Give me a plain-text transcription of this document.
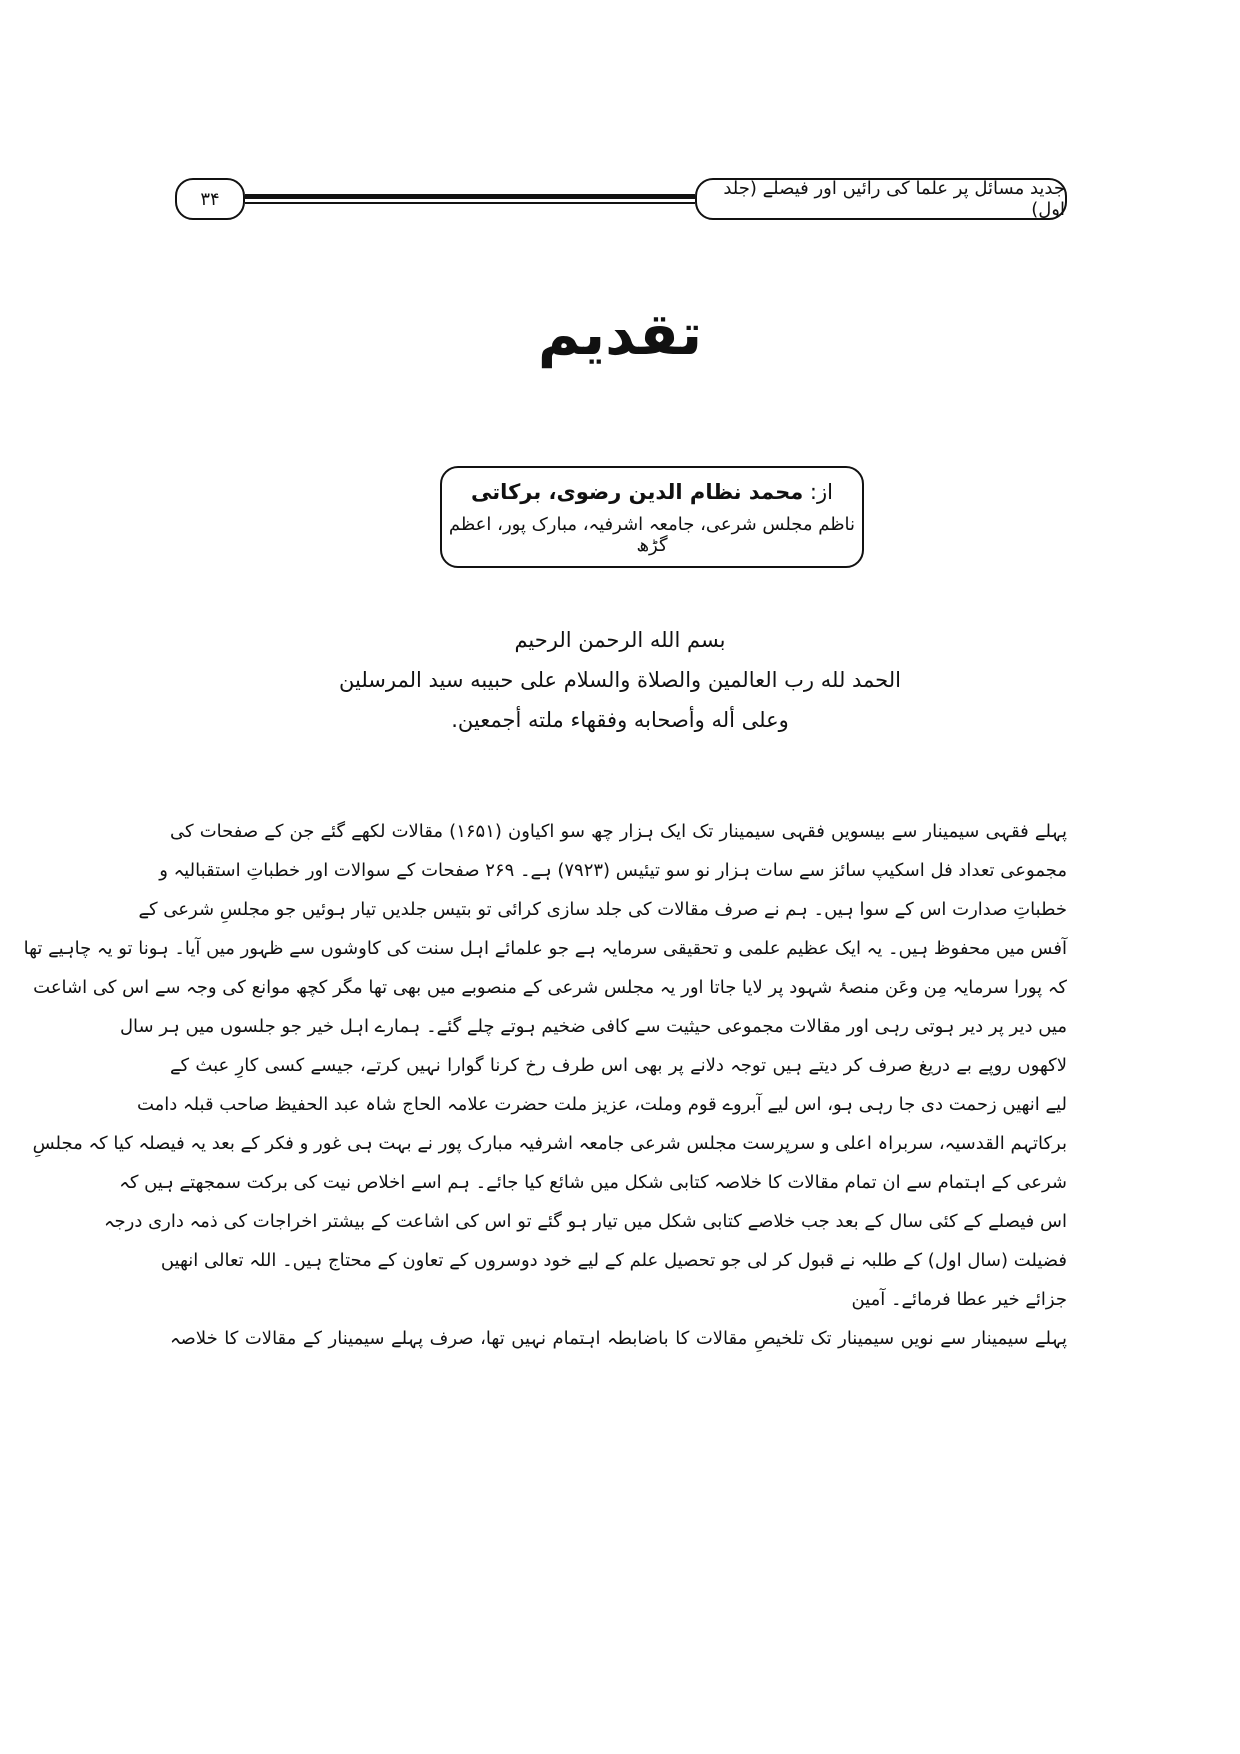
۳۴	جدید مسائل پر علما کی رائیں اور فیصلے (جلد اول)
تقدیم
از: محمد نظام الدین رضوی، برکاتی
ناظم مجلس شرعی، جامعہ اشرفیہ، مبارک پور، اعظم گڑھ
بسم الله الرحمن الرحيم
الحمد لله رب العالمين والصلاة والسلام على حبيبه سيد المرسلين
وعلى أله وأصحابه وفقهاء ملته أجمعين.
پہلے فقہی سیمینار سے بیسویں فقہی سیمینار تک ایک ہزار چھ سو اکیاون (۱۶۵۱) مقالات لکھے گئے جن کے صفحات کی
مجموعی تعداد فل اسکیپ سائز سے سات ہزار نو سو تیئیس (۷۹۲۳) ہے۔ ۲۶۹ صفحات کے سوالات اور خطباتِ استقبالیہ و
خطباتِ صدارت اس کے سوا ہیں۔ ہم نے صرف مقالات کی جلد سازی کرائی تو بتیس جلدیں تیار ہوئیں جو مجلسِ شرعی کے
آفس میں محفوظ ہیں۔ یہ ایک عظیم علمی و تحقیقی سرمایہ ہے جو علمائے اہل سنت کی کاوشوں سے ظہور میں آیا۔ ہونا تو یہ چاہیے تھا
کہ پورا سرمایہ مِن وعَن منصۂ شہود پر لایا جاتا اور یہ مجلس شرعی کے منصوبے میں بھی تھا مگر کچھ موانع کی وجہ سے اس کی اشاعت
میں دیر پر دیر ہوتی رہی اور مقالات مجموعی حیثیت سے کافی ضخیم ہوتے چلے گئے۔ ہمارے اہل خیر جو جلسوں میں ہر سال
لاکھوں روپے بے دریغ صرف کر دیتے ہیں توجہ دلانے پر بھی اس طرف رخ کرنا گوارا نہیں کرتے، جیسے کسی کارِ عبث کے
لیے انھیں زحمت دی جا رہی ہو، اس لیے آبروے قوم وملت، عزیز ملت حضرت علامہ الحاج شاہ عبد الحفیظ صاحب قبلہ دامت
برکاتہم القدسیہ، سربراہ اعلی و سرپرست مجلس شرعی جامعہ اشرفیہ مبارک پور نے بہت ہی غور و فکر کے بعد یہ فیصلہ کیا کہ مجلسِ
شرعی کے اہتمام سے ان تمام مقالات کا خلاصہ کتابی شکل میں شائع کیا جائے۔ ہم اسے اخلاص نیت کی برکت سمجھتے ہیں کہ
اس فیصلے کے کئی سال کے بعد جب خلاصے کتابی شکل میں تیار ہو گئے تو اس کی اشاعت کے بیشتر اخراجات کی ذمہ داری درجہ
فضیلت (سال اول) کے طلبہ نے قبول کر لی جو تحصیل علم کے لیے خود دوسروں کے تعاون کے محتاج ہیں۔ اللہ تعالی انھیں
جزائے خیر عطا فرمائے۔ آمین
پہلے سیمینار سے نویں سیمینار تک تلخیصِ مقالات کا باضابطہ اہتمام نہیں تھا، صرف پہلے سیمینار کے مقالات کا خلاصہ
